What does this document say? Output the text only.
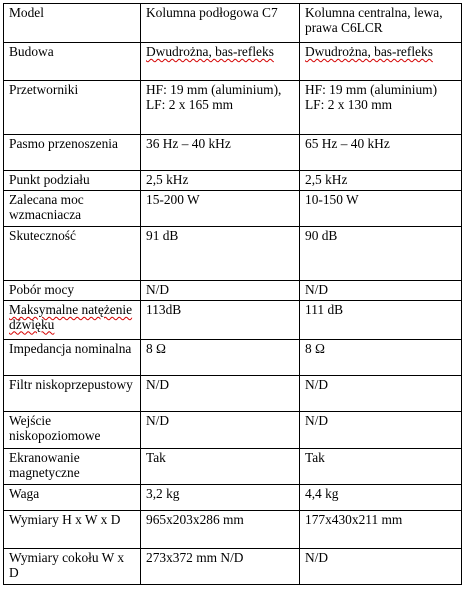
Model	Kolumna podłogowa C7	Kolumna centralna, lewa, prawa C6LCR
Budowa	Dwudrożna, bas-refleks	Dwudrożna, bas-refleks
Przetworniki	HF: 19 mm (aluminium), LF: 2 x 165 mm	HF: 19 mm (aluminium) LF: 2 x 130 mm
Pasmo przenoszenia	36 Hz – 40 kHz	65 Hz – 40 kHz
Punkt podziału	2,5 kHz	2,5 kHz
Zalecana moc wzmacniacza	15-200 W	10-150 W
Skuteczność	91 dB	90 dB
Pobór mocy	N/D	N/D
Maksymalne natężenie dźwięku	113dB	111 dB
Impedancja nominalna	8 Ω	8 Ω
Filtr niskoprzepustowy	N/D	N/D
Wejście niskopoziomowe	N/D	N/D
Ekranowanie magnetyczne	Tak	Tak
Waga	3,2 kg	4,4 kg
Wymiary H x W x D	965x203x286 mm	177x430x211 mm
Wymiary cokołu W x D	273x372 mm N/D	N/D
